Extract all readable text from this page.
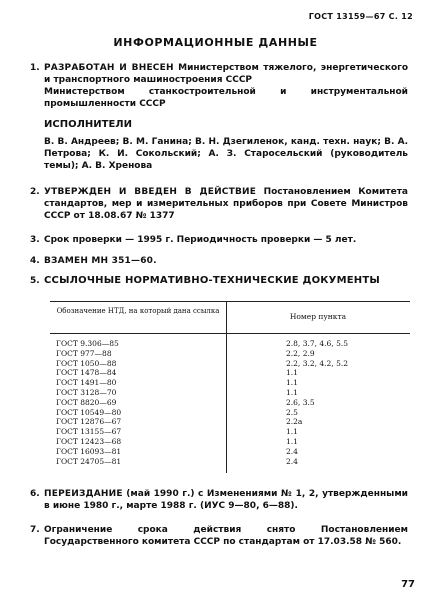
ГОСТ 13159—67 С. 12
ИНФОРМАЦИОННЫЕ ДАННЫЕ
1. РАЗРАБОТАН И ВНЕСЕН Министерством тяжелого, энергетического и транспортного машиностроения СССР

Министерством станкостроительной и инструментальной промышленности СССР

ИСПОЛНИТЕЛИ

В. В. Андреев; В. М. Ганина; В. Н. Дзегиленок, канд. техн. наук; В. А. Петрова; К. И. Сокольский; А. З. Старосельский (руководитель темы); А. В. Хренова

2. УТВЕРЖДЕН И ВВЕДЕН В ДЕЙСТВИЕ Постановлением Комитета стандартов, мер и измерительных приборов при Совете Министров СССР от 18.08.67 № 1377

3. Срок проверки — 1995 г. Периодичность проверки — 5 лет.

4. ВЗАМЕН МН 351—60.

5. ССЫЛОЧНЫЕ НОРМАТИВНО-ТЕХНИЧЕСКИЕ ДОКУМЕНТЫ

Обозначение НТД, на который дана ссылка
Номер пункта
ГОСТ 9.306—85	2.8, 3.7, 4.6, 5.5
ГОСТ 977—88	2.2, 2.9
ГОСТ 1050—88	2.2, 3.2, 4.2, 5.2
ГОСТ 1478—84	1.1
ГОСТ 1491—80	1.1
ГОСТ 3128—70	1.1
ГОСТ 8820—69	2.6, 3.5
ГОСТ 10549—80	2.5
ГОСТ 12876—67	2.2а
ГОСТ 13155—67	1.1
ГОСТ 12423—68	1.1
ГОСТ 16093—81	2.4
ГОСТ 24705—81	2.4
6. ПЕРЕИЗДАНИЕ (май 1990 г.) с Изменениями № 1, 2, утвержденными в июне 1980 г., марте 1988 г. (ИУС 9—80, 6—88).

7. Ограничение срока действия снято Постановлением Государственного комитета СССР по стандартам от 17.03.58 № 560.

77
